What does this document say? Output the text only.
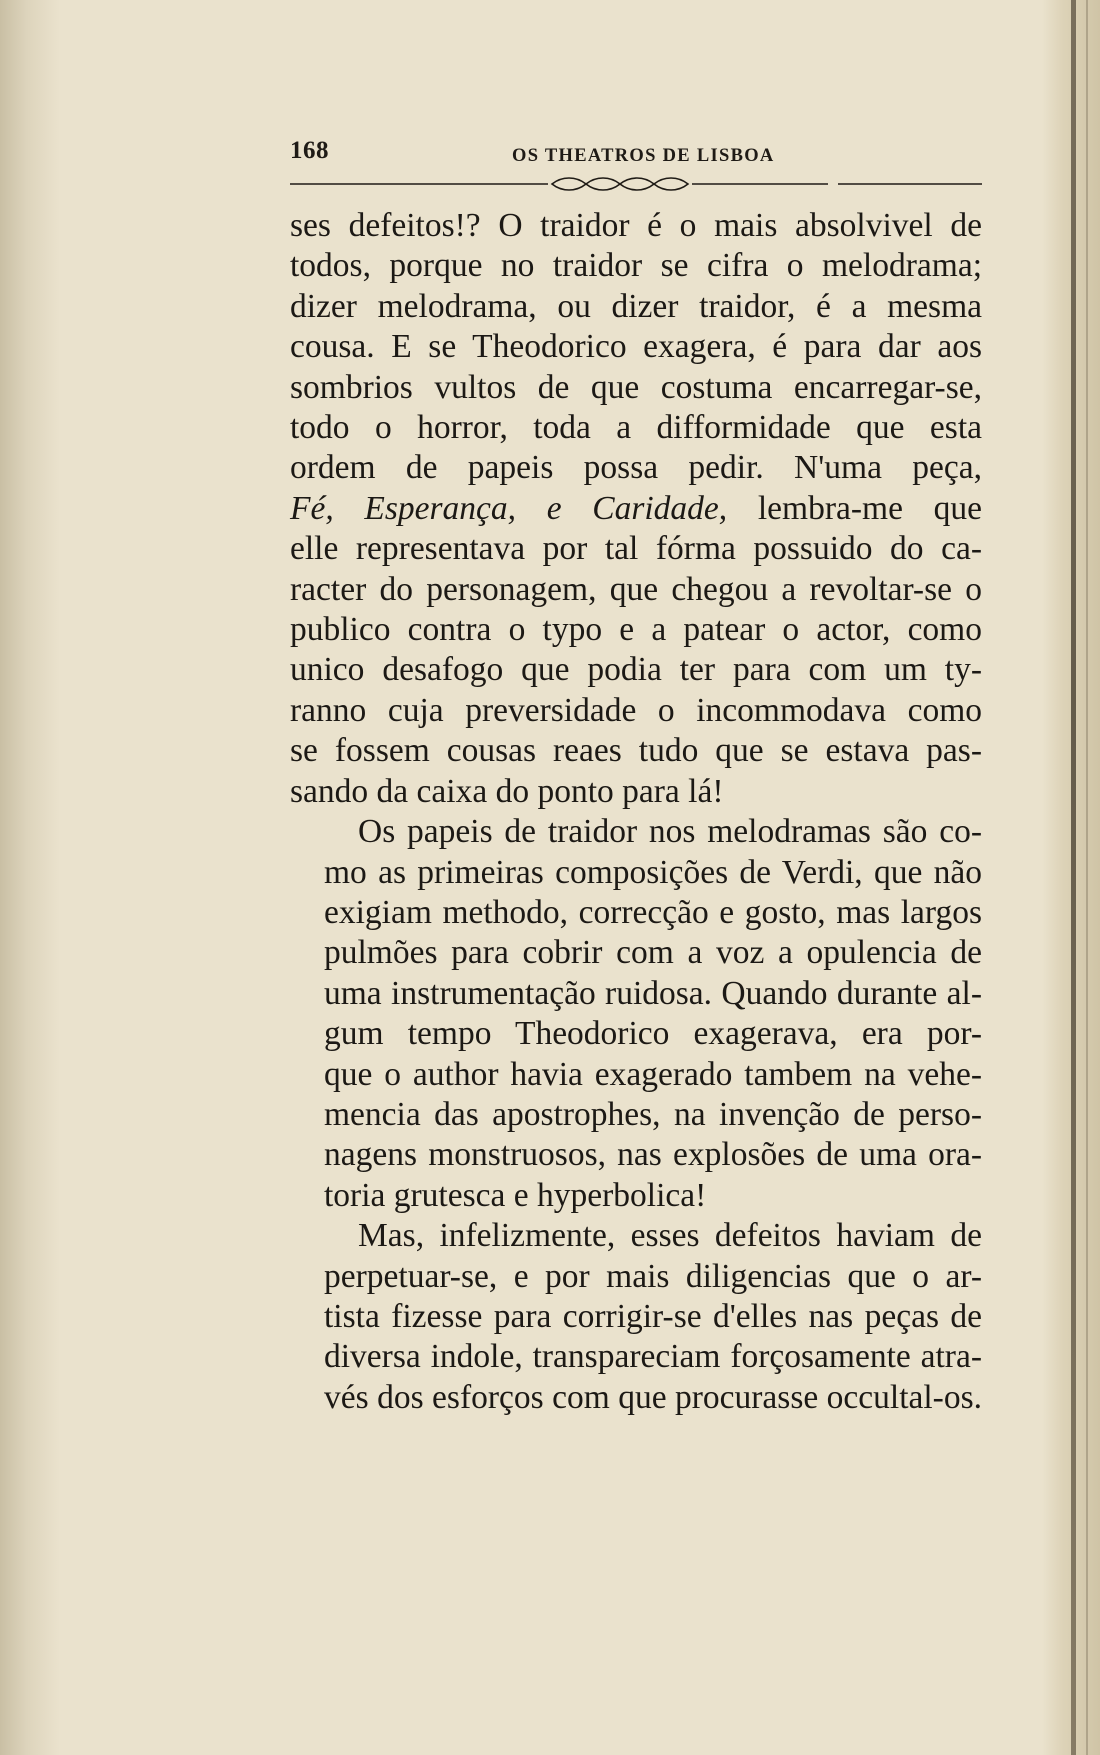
168	OS THEATROS DE LISBOA

ses defeitos!? O traidor é o mais absolvivel de
todos, porque no traidor se cifra o melodrama;
dizer melodrama, ou dizer traidor, é a mesma
cousa. E se Theodorico exagera, é para dar aos
sombrios vultos de que costuma encarregar-se,
todo o horror, toda a difformidade que esta
ordem de papeis possa pedir. N'uma peça,
Fé, Esperança, e Caridade, lembra-me que
elle representava por tal fórma possuido do ca-
racter do personagem, que chegou a revoltar-se o
publico contra o typo e a patear o actor, como
unico desafogo que podia ter para com um ty-
ranno cuja preversidade o incommodava como
se fossem cousas reaes tudo que se estava pas-
sando da caixa do ponto para lá!

Os papeis de traidor nos melodramas são co-
mo as primeiras composições de Verdi, que não
exigiam methodo, correcção e gosto, mas largos
pulmões para cobrir com a voz a opulencia de
uma instrumentação ruidosa. Quando durante al-
gum tempo Theodorico exagerava, era por-
que o author havia exagerado tambem na vehe-
mencia das apostrophes, na invenção de perso-
nagens monstruosos, nas explosões de uma ora-
toria grutesca e hyperbolica!

Mas, infelizmente, esses defeitos haviam de
perpetuar-se, e por mais diligencias que o ar-
tista fizesse para corrigir-se d'elles nas peças de
diversa indole, transpareciam forçosamente atra-
vés dos esforços com que procurasse occultal-os.
